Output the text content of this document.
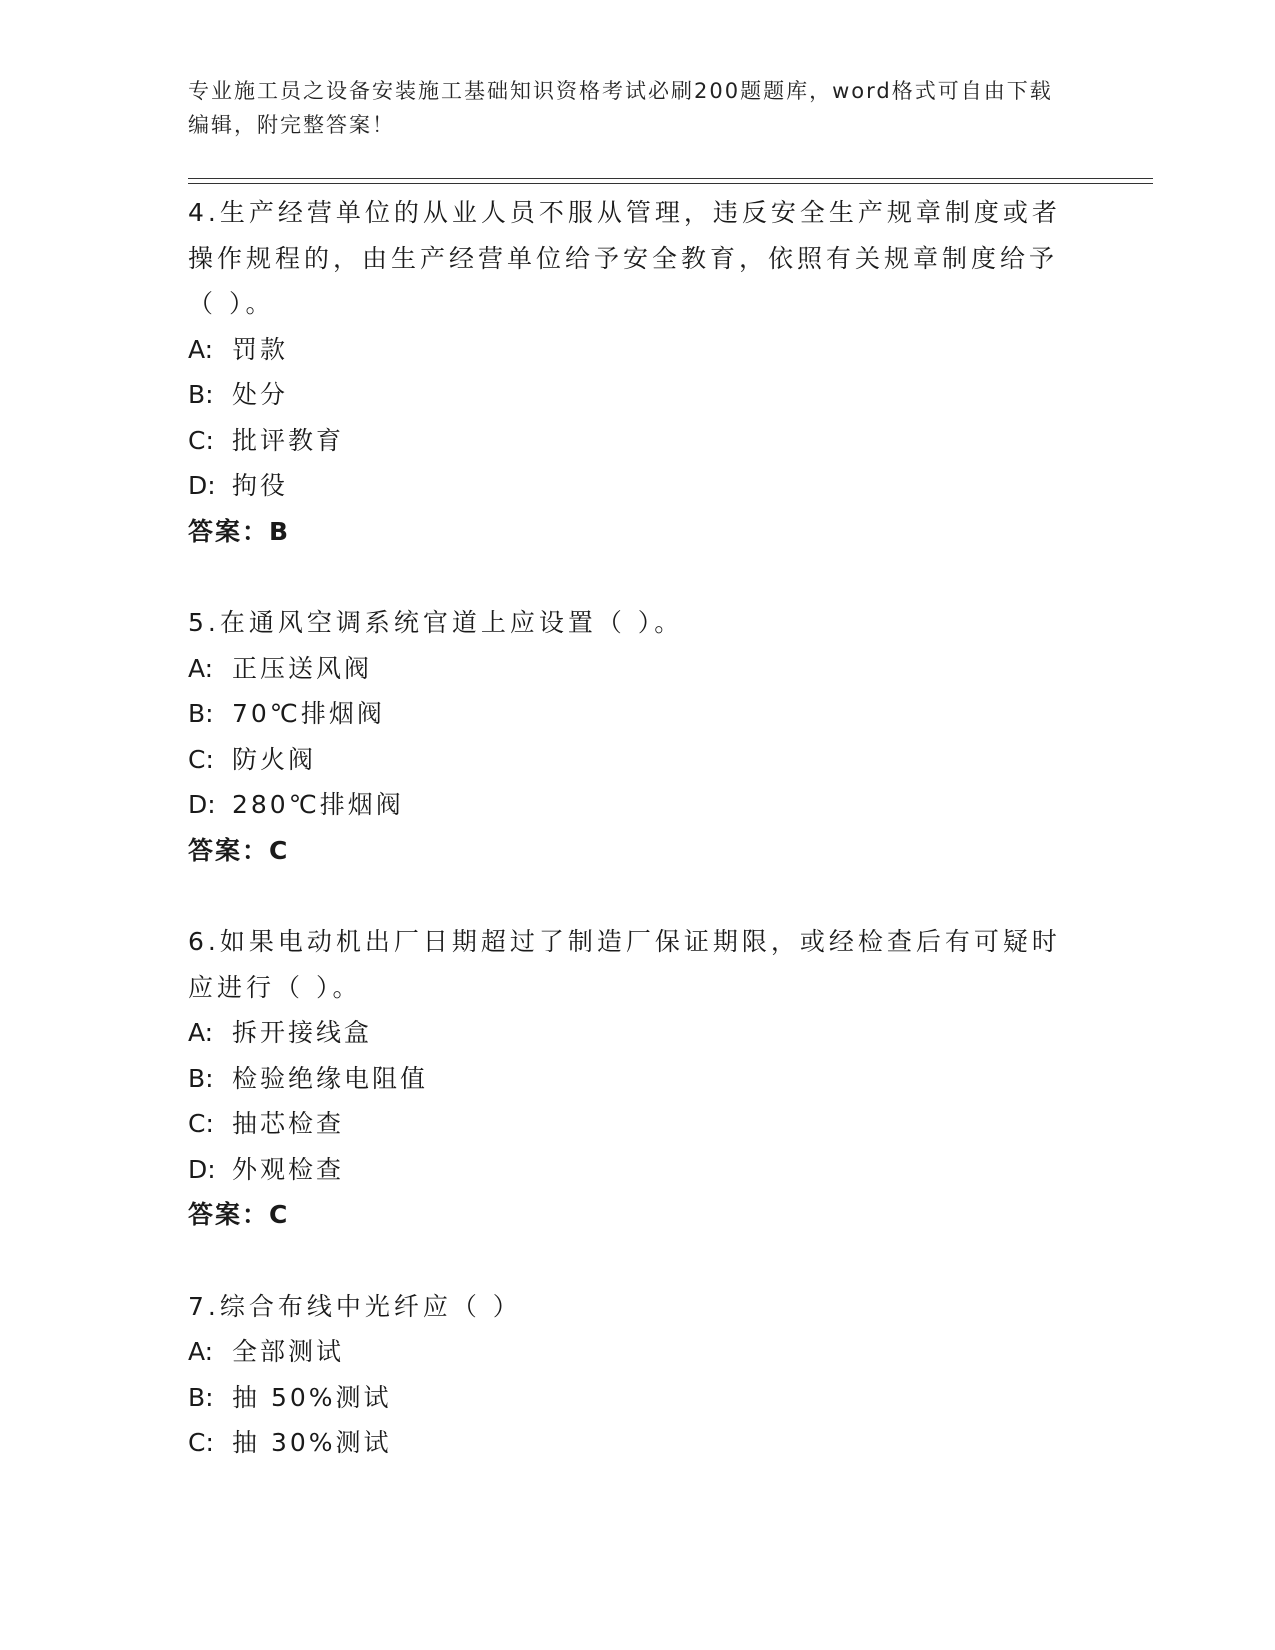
专业施工员之设备安装施工基础知识资格考试必刷200题题库，word格式可自由下载编辑，附完整答案！
4.生产经营单位的从业人员不服从管理，违反安全生产规章制度或者操作规程的，由生产经营单位给予安全教育，依照有关规章制度给予（ ）。
A: 罚款
B: 处分
C: 批评教育
D: 拘役
答案：B
5.在通风空调系统官道上应设置（ ）。
A: 正压送风阀
B: 70℃排烟阀
C: 防火阀
D: 280℃排烟阀
答案：C
6.如果电动机出厂日期超过了制造厂保证期限，或经检查后有可疑时应进行（ ）。
A: 拆开接线盒
B: 检验绝缘电阻值
C: 抽芯检查
D: 外观检查
答案：C
7.综合布线中光纤应（ ）
A: 全部测试
B: 抽 50%测试
C: 抽 30%测试
